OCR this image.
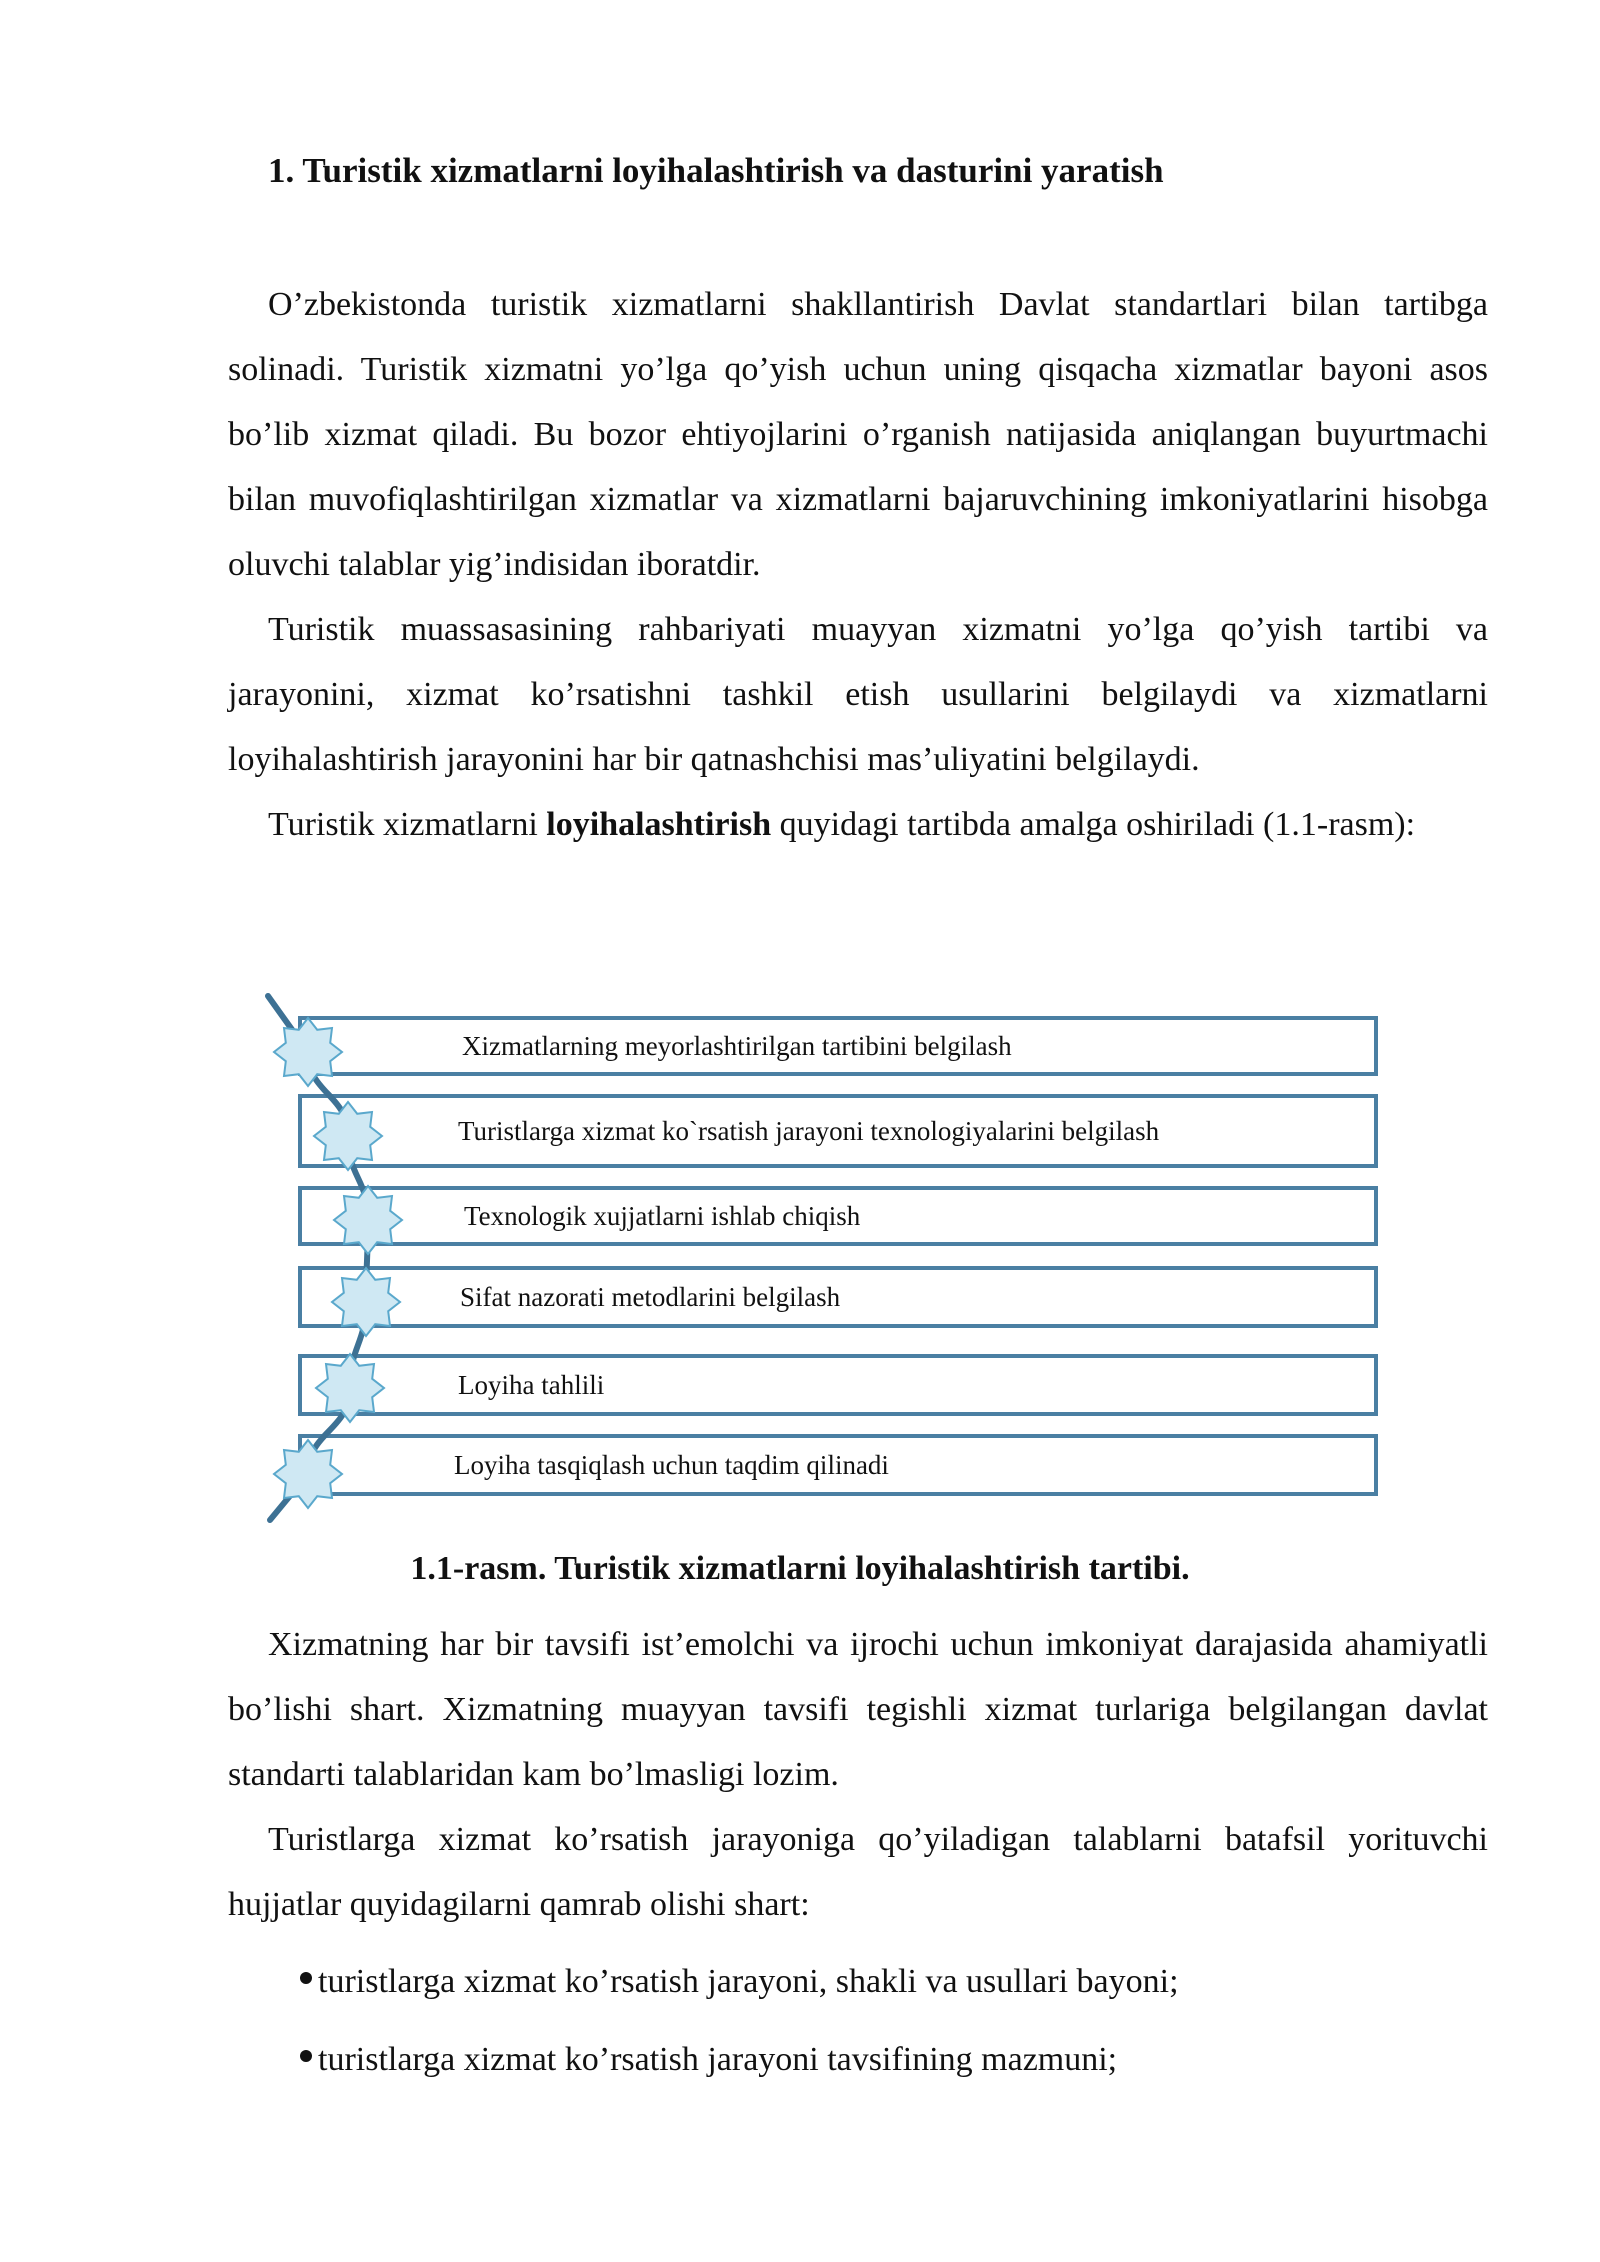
1. Turistik xizmatlarni loyihalashtirish va dasturini yaratish

O’zbekistonda turistik xizmatlarni shakllantirish Davlat standartlari bilan tartibga solinadi. Turistik xizmatni yo’lga qo’yish uchun uning qisqacha xizmatlar bayoni asos bo’lib xizmat qiladi. Bu bozor ehtiyojlarini o’rganish natijasida aniqlangan buyurtmachi bilan muvofiqlashtirilgan xizmatlar va xizmatlarni bajaruvchining imkoniyatlarini hisobga oluvchi talablar yig’indisidan iboratdir.

Turistik muassasasining rahbariyati muayyan xizmatni yo’lga qo’yish tartibi va jarayonini, xizmat ko’rsatishni tashkil etish usullarini belgilaydi va xizmatlarni loyihalashtirish jarayonini har bir qatnashchisi mas’uliyatini belgilaydi.

Turistik xizmatlarni loyihalashtirish quyidagi tartibda amalga oshiriladi (1.1-rasm):

Xizmatlarning meyorlashtirilgan tartibini belgilash
Turistlarga xizmat ko`rsatish jarayoni texnologiyalarini belgilash
Texnologik xujjatlarni ishlab chiqish
Sifat nazorati metodlarini belgilash
Loyiha tahlili
Loyiha tasqiqlash uchun taqdim qilinadi

1.1-rasm. Turistik xizmatlarni loyihalashtirish tartibi.

Xizmatning har bir tavsifi ist’emolchi va ijrochi uchun imkoniyat darajasida ahamiyatli bo’lishi shart. Xizmatning muayyan tavsifi tegishli xizmat turlariga belgilangan davlat standarti talablaridan kam bo’lmasligi lozim.

Turistlarga xizmat ko’rsatish jarayoniga qo’yiladigan talablarni batafsil yorituvchi hujjatlar quyidagilarni qamrab olishi shart:

turistlarga xizmat ko’rsatish jarayoni, shakli va usullari bayoni;
turistlarga xizmat ko’rsatish jarayoni tavsifining mazmuni;
